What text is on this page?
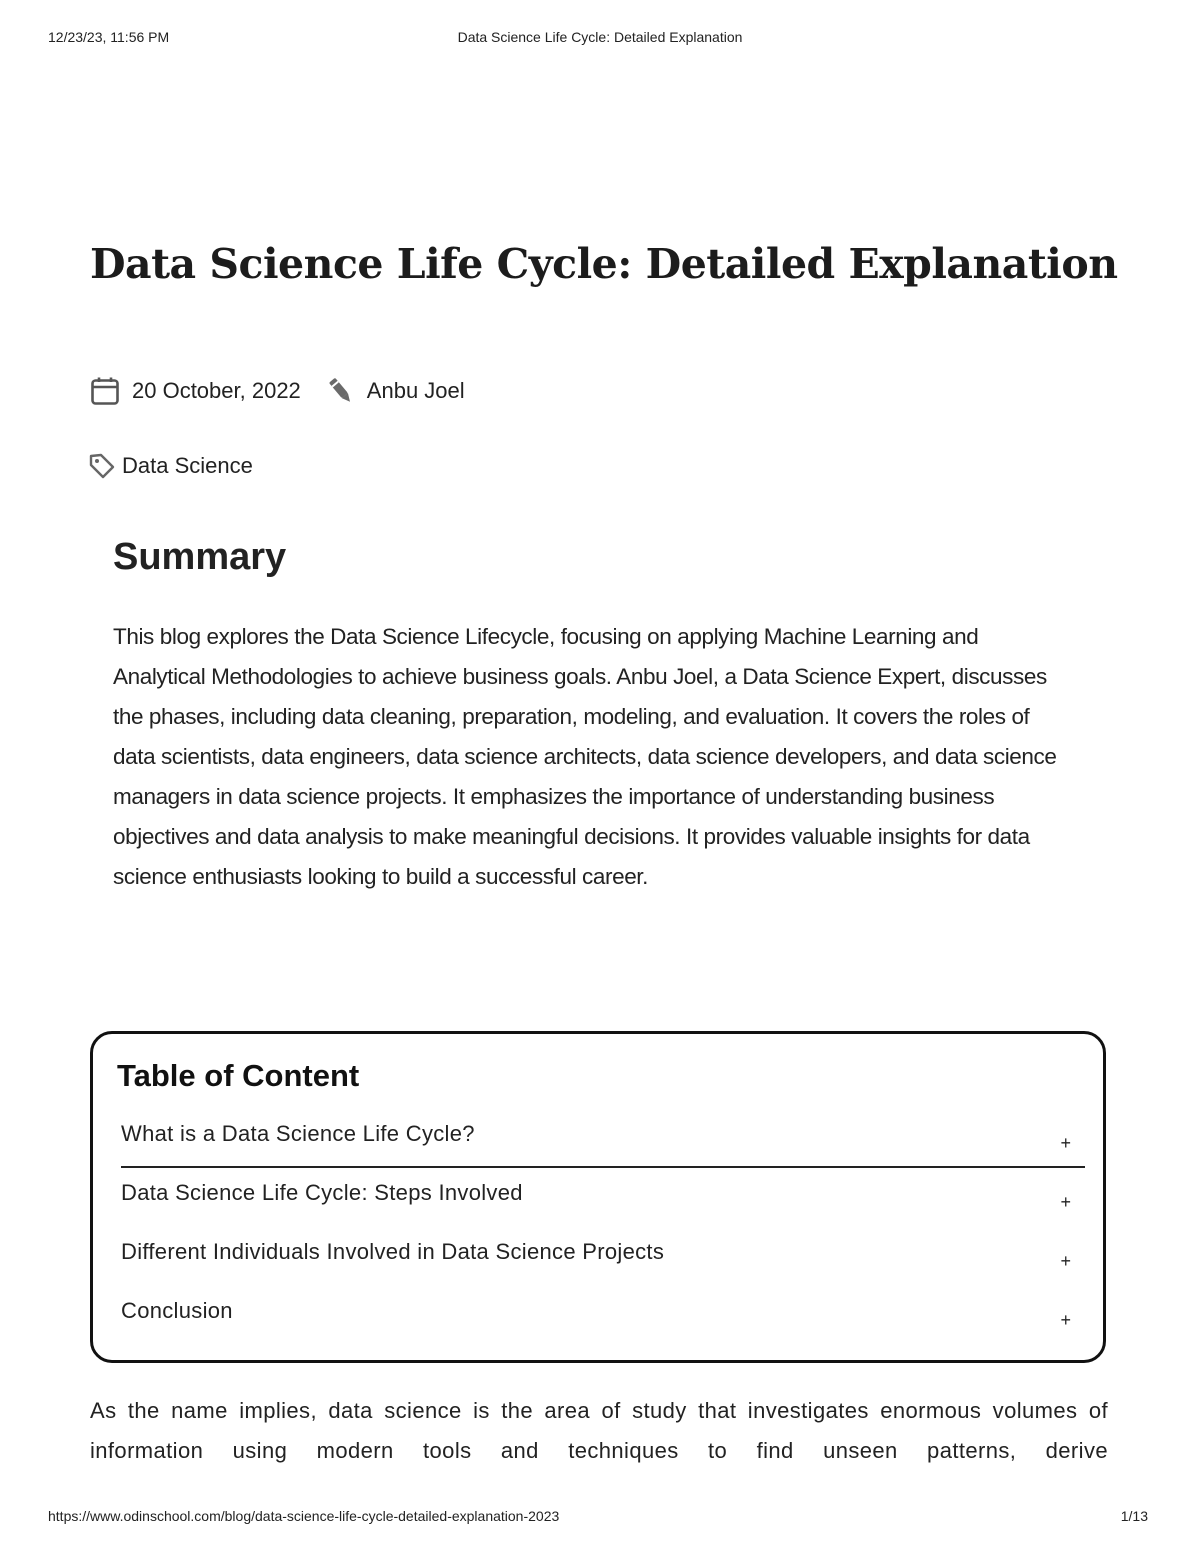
12/23/23, 11:56 PM	Data Science Life Cycle: Detailed Explanation
Data Science Life Cycle: Detailed Explanation
20 October, 2022	Anbu Joel
Data Science
Summary

This blog explores the Data Science Lifecycle, focusing on applying Machine Learning and Analytical Methodologies to achieve business goals. Anbu Joel, a Data Science Expert, discusses the phases, including data cleaning, preparation, modeling, and evaluation. It covers the roles of data scientists, data engineers, data science architects, data science developers, and data science managers in data science projects. It emphasizes the importance of understanding business objectives and data analysis to make meaningful decisions. It provides valuable insights for data science enthusiasts looking to build a successful career.

Table of Content
What is a Data Science Life Cycle?	+
Data Science Life Cycle: Steps Involved	+
Different Individuals Involved in Data Science Projects	+
Conclusion	+

As the name implies, data science is the area of study that investigates enormous volumes of information using modern tools and techniques to find unseen patterns, derive

https://www.odinschool.com/blog/data-science-life-cycle-detailed-explanation-2023	1/13
